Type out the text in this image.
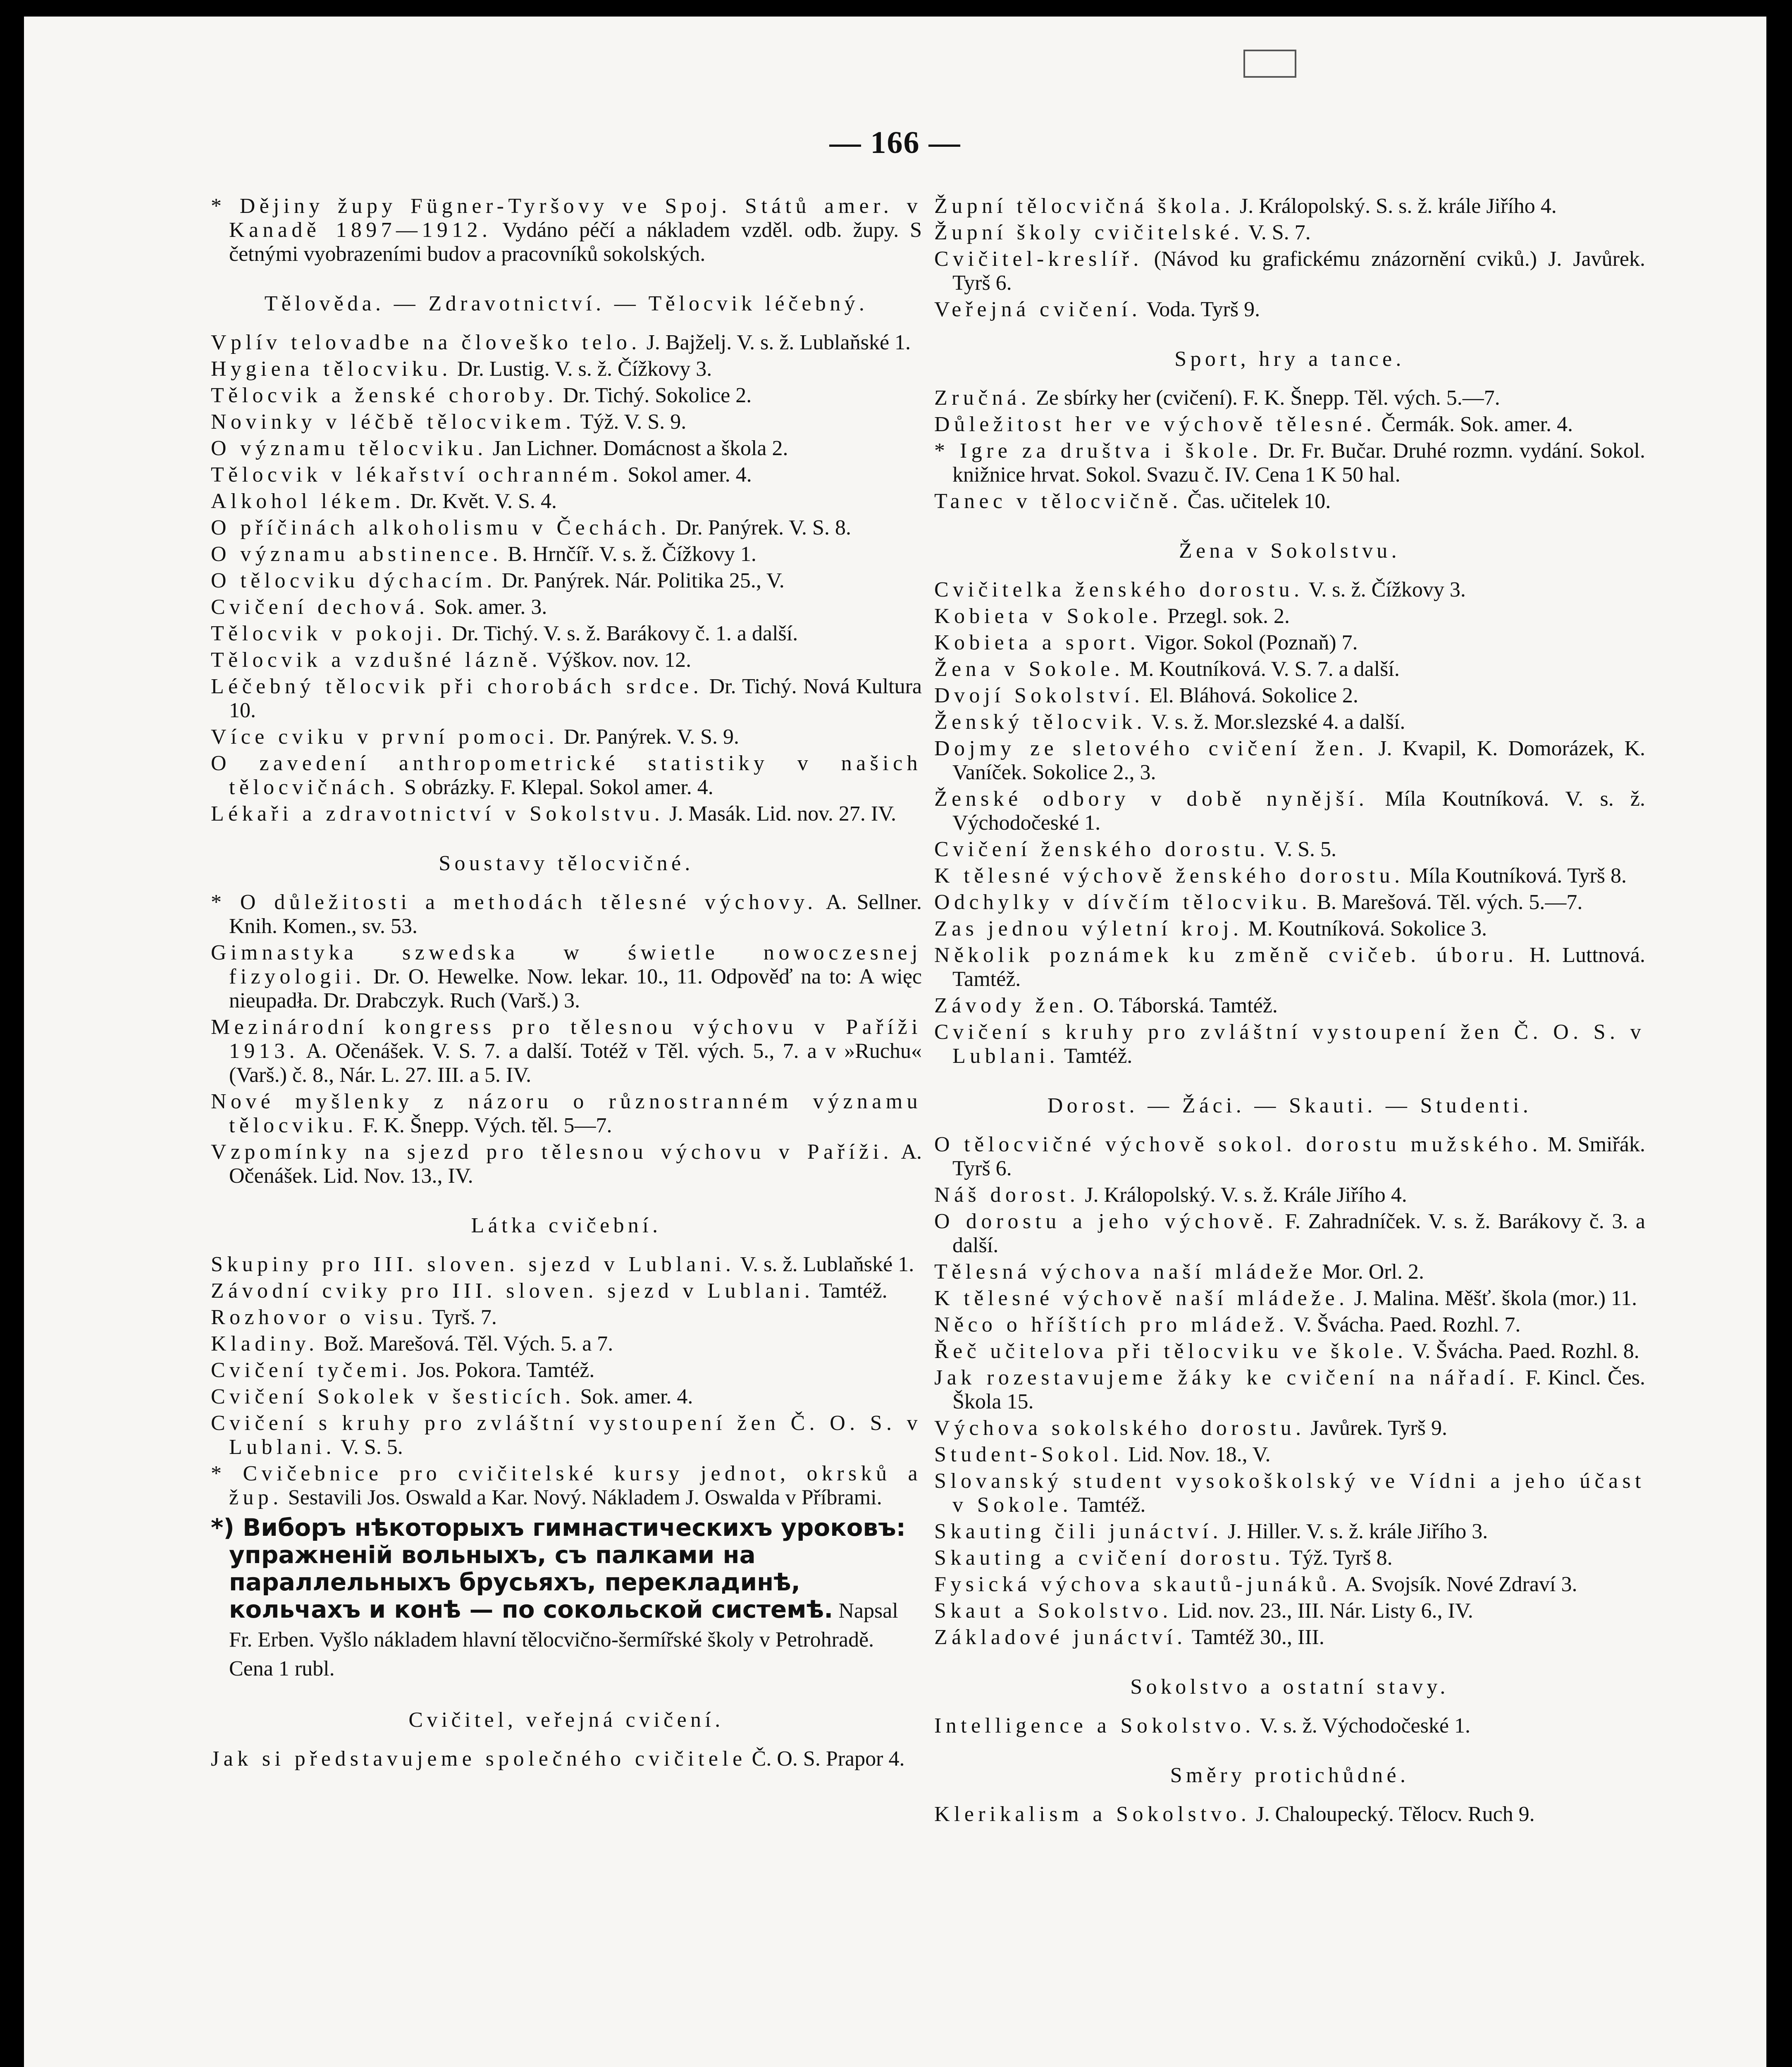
— 166 —
* Dějiny župy Fügner-Tyršovy ve Spoj. Států amer. v Kanadě 1897—1912. Vydáno péčí a nákladem vzděl. odb. župy. S četnými vyobrazeními budov a pracovníků sokolských.
Tělověda. — Zdravotnictví. — Tělocvik léčebný.
Vplív telovadbe na človeško telo. J. Bajželj. V. s. ž. Lublaňské 1.
Hygiena tělocviku. Dr. Lustig. V. s. ž. Čížkovy 3.
Tělocvik a ženské choroby. Dr. Tichý. Sokolice 2.
Novinky v léčbě tělocvikem. Týž. V. S. 9.
O významu tělocviku. Jan Lichner. Domácnost a škola 2.
Tělocvik v lékařství ochranném. Sokol amer. 4.
Alkohol lékem. Dr. Květ. V. S. 4.
O příčinách alkoholismu v Čechách. Dr. Panýrek. V. S. 8.
O významu abstinence. B. Hrnčíř. V. s. ž. Čížkovy 1.
O tělocviku dýchacím. Dr. Panýrek. Nár. Politika 25., V.
Cvičení dechová. Sok. amer. 3.
Tělocvik v pokoji. Dr. Tichý. V. s. ž. Barákovy č. 1. a další.
Tělocvik a vzdušné lázně. Výškov. nov. 12.
Léčebný tělocvik při chorobách srdce. Dr. Tichý. Nová Kultura 10.
Více cviku v první pomoci. Dr. Panýrek. V. S. 9.
O zavedení anthropometrické statistiky v našich tělocvičnách. S obrázky. F. Klepal. Sokol amer. 4.
Lékaři a zdravotnictví v Sokolstvu. J. Masák. Lid. nov. 27. IV.
Soustavy tělocvičné.
* O důležitosti a methodách tělesné výchovy. A. Sellner. Knih. Komen., sv. 53.
Gimnastyka szwedska w świetle nowoczesnej fizyologii. Dr. O. Hewelke. Now. lekar. 10., 11. Odpověď na to: A więc nieupadła. Dr. Drabczyk. Ruch (Varš.) 3.
Mezinárodní kongress pro tělesnou výchovu v Paříži 1913. A. Očenášek. V. S. 7. a další. Totéž v Těl. vých. 5., 7. a v »Ruchu« (Varš.) č. 8., Nár. L. 27. III. a 5. IV.
Nové myšlenky z názoru o různostranném významu tělocviku. F. K. Šnepp. Vých. těl. 5—7.
Vzpomínky na sjezd pro tělesnou výchovu v Paříži. A. Očenášek. Lid. Nov. 13., IV.
Látka cvičební.
Skupiny pro III. sloven. sjezd v Lublani. V. s. ž. Lublaňské 1.
Závodní cviky pro III. sloven. sjezd v Lublani. Tamtéž.
Rozhovor o visu. Tyrš. 7.
Kladiny. Bož. Marešová. Těl. Vých. 5. a 7.
Cvičení tyčemi. Jos. Pokora. Tamtéž.
Cvičení Sokolek v šesticích. Sok. amer. 4.
Cvičení s kruhy pro zvláštní vystoupení žen Č. O. S. v Lublani. V. S. 5.
* Cvičebnice pro cvičitelské kursy jednot, okrsků a žup. Sestavili Jos. Oswald a Kar. Nový. Nákladem J. Oswalda v Příbrami.
*) Виборъ нѣкоторыхъ гимнастическихъ уроковъ: упражненій вольныхъ, съ палками на параллельныхъ брусьяхъ, перекладинѣ, кольчахъ и конѣ — по сокольской системѣ. Napsal Fr. Erben. Vyšlo nákladem hlavní tělocvično-šermířské školy v Petrohradě. Cena 1 rubl.
Cvičitel, veřejná cvičení.
Jak si představujeme společného cvičitele Č. O. S. Prapor 4.
Župní tělocvičná škola. J. Králopolský. S. s. ž. krále Jiřího 4.
Župní školy cvičitelské. V. S. 7.
Cvičitel-kreslíř. (Návod ku grafickému znázornění cviků.) J. Javůrek. Tyrš 6.
Veřejná cvičení. Voda. Tyrš 9.
Sport, hry a tance.
Zručná. Ze sbírky her (cvičení). F. K. Šnepp. Těl. vých. 5.—7.
Důležitost her ve výchově tělesné. Čermák. Sok. amer. 4.
* Igre za društva i škole. Dr. Fr. Bučar. Druhé rozmn. vydání. Sokol. knižnice hrvat. Sokol. Svazu č. IV. Cena 1 K 50 hal.
Tanec v tělocvičně. Čas. učitelek 10.
Žena v Sokolstvu.
Cvičitelka ženského dorostu. V. s. ž. Čížkovy 3.
Kobieta v Sokole. Przegl. sok. 2.
Kobieta a sport. Vigor. Sokol (Poznaň) 7.
Žena v Sokole. M. Koutníková. V. S. 7. a další.
Dvojí Sokolství. El. Bláhová. Sokolice 2.
Ženský tělocvik. V. s. ž. Mor.slezské 4. a další.
Dojmy ze sletového cvičení žen. J. Kvapil, K. Domorázek, K. Vaníček. Sokolice 2., 3.
Ženské odbory v době nynější. Míla Koutníková. V. s. ž. Východočeské 1.
Cvičení ženského dorostu. V. S. 5.
K tělesné výchově ženského dorostu. Míla Koutníková. Tyrš 8.
Odchylky v dívčím tělocviku. B. Marešová. Těl. vých. 5.—7.
Zas jednou výletní kroj. M. Koutníková. Sokolice 3.
Několik poznámek ku změně cvičeb. úboru. H. Luttnová. Tamtéž.
Závody žen. O. Táborská. Tamtéž.
Cvičení s kruhy pro zvláštní vystoupení žen Č. O. S. v Lublani. Tamtéž.
Dorost. — Žáci. — Skauti. — Studenti.
O tělocvičné výchově sokol. dorostu mužského. M. Smiřák. Tyrš 6.
Náš dorost. J. Králopolský. V. s. ž. Krále Jiřího 4.
O dorostu a jeho výchově. F. Zahradníček. V. s. ž. Barákovy č. 3. a další.
Tělesná výchova naší mládeže Mor. Orl. 2.
K tělesné výchově naší mládeže. J. Malina. Měšť. škola (mor.) 11.
Něco o hříštích pro mládež. V. Švácha. Paed. Rozhl. 7.
Řeč učitelova při tělocviku ve škole. V. Švácha. Paed. Rozhl. 8.
Jak rozestavujeme žáky ke cvičení na nářadí. F. Kincl. Čes. Škola 15.
Výchova sokolského dorostu. Javůrek. Tyrš 9.
Student-Sokol. Lid. Nov. 18., V.
Slovanský student vysokoškolský ve Vídni a jeho účast v Sokole. Tamtéž.
Skauting čili junáctví. J. Hiller. V. s. ž. krále Jiřího 3.
Skauting a cvičení dorostu. Týž. Tyrš 8.
Fysická výchova skautů-junáků. A. Svojsík. Nové Zdraví 3.
Skaut a Sokolstvo. Lid. nov. 23., III. Nár. Listy 6., IV.
Základové junáctví. Tamtéž 30., III.
Sokolstvo a ostatní stavy.
Intelligence a Sokolstvo. V. s. ž. Východočeské 1.
Směry protichůdné.
Klerikalism a Sokolstvo. J. Chaloupecký. Tělocv. Ruch 9.
